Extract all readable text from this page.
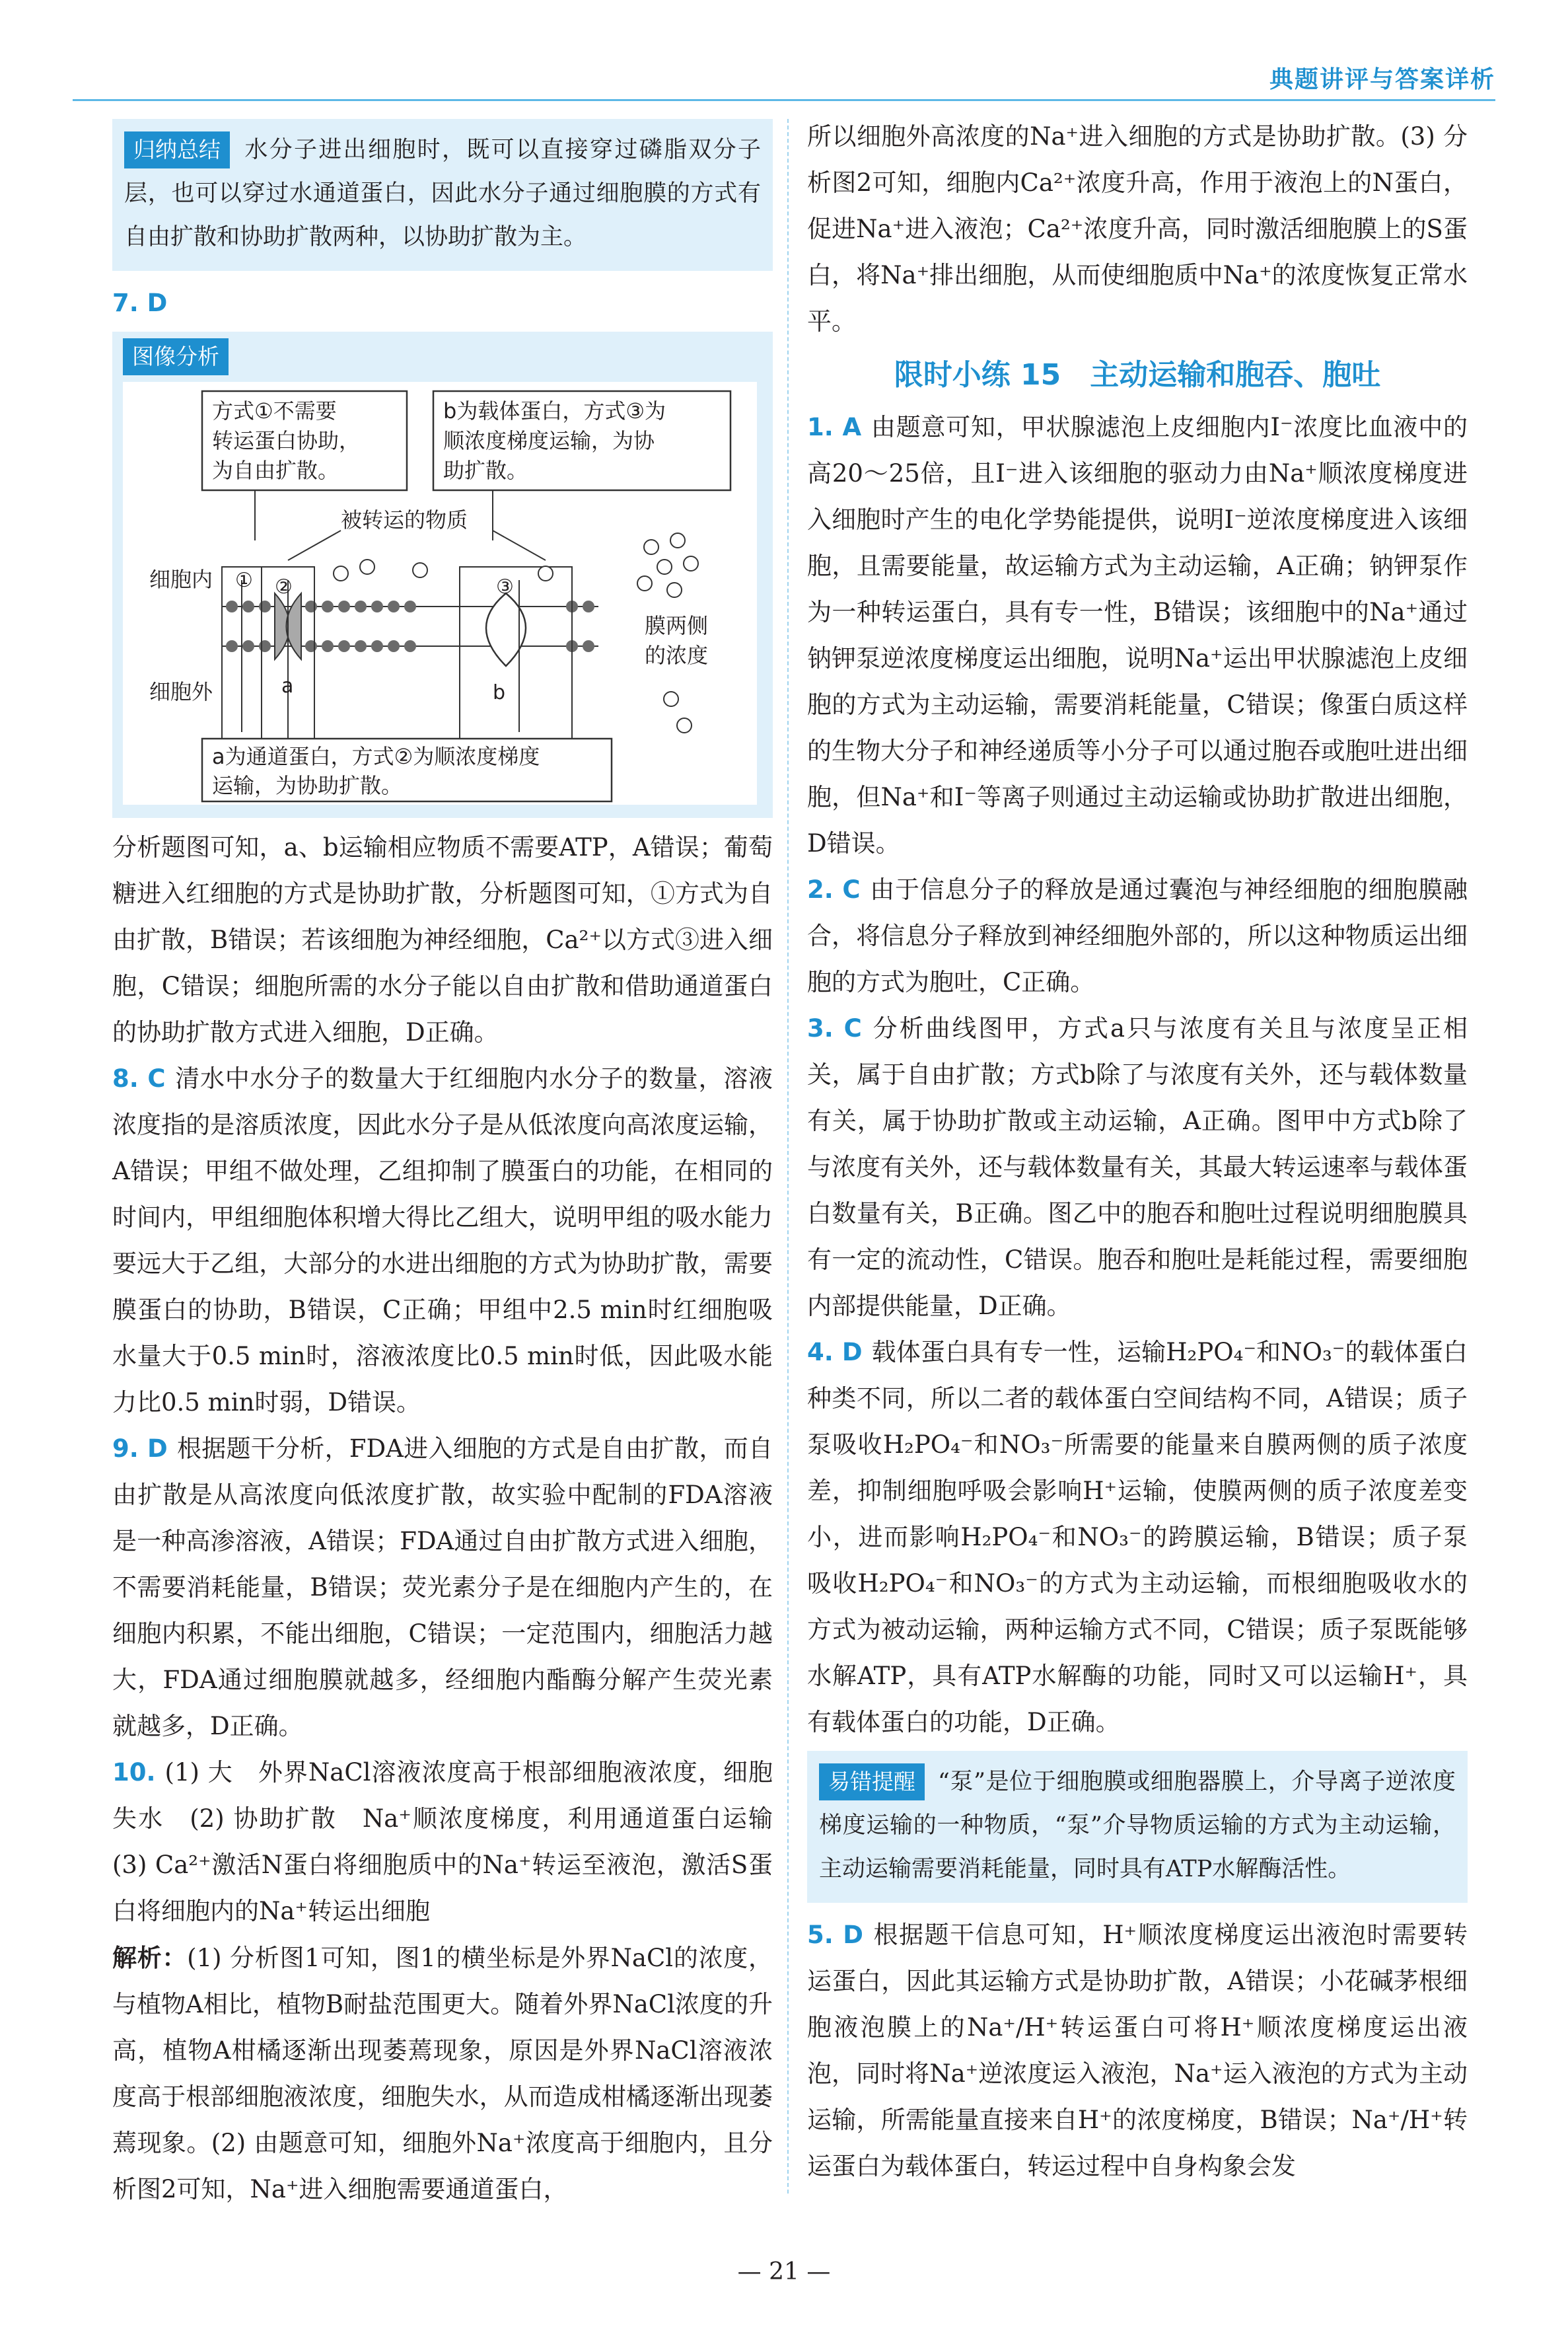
典题讲评与答案详析

归纳总结 水分子进出细胞时，既可以直接穿过磷脂双分子层，也可以穿过水通道蛋白，因此水分子通过细胞膜的方式有自由扩散和协助扩散两种，以协助扩散为主。

7. D

图像分析
方式①不需要
转运蛋白协助，
为自由扩散。
b为载体蛋白，方式③为
顺浓度梯度运输，为协
助扩散。
被转运的物质
细胞内
细胞外
① ②	③
a	b
膜两侧
的浓度
a为通道蛋白，方式②为顺浓度梯度
运输，为协助扩散。

分析题图可知，a、b运输相应物质不需要ATP，A错误；葡萄糖进入红细胞的方式是协助扩散，分析题图可知，①方式为自由扩散，B错误；若该细胞为神经细胞，Ca²⁺以方式③进入细胞，C错误；细胞所需的水分子能以自由扩散和借助通道蛋白的协助扩散方式进入细胞，D正确。

8. C 清水中水分子的数量大于红细胞内水分子的数量，溶液浓度指的是溶质浓度，因此水分子是从低浓度向高浓度运输，A错误；甲组不做处理，乙组抑制了膜蛋白的功能，在相同的时间内，甲组细胞体积增大得比乙组大，说明甲组的吸水能力要远大于乙组，大部分的水进出细胞的方式为协助扩散，需要膜蛋白的协助，B错误，C正确；甲组中2.5 min时红细胞吸水量大于0.5 min时，溶液浓度比0.5 min时低，因此吸水能力比0.5 min时弱，D错误。

9. D 根据题干分析，FDA进入细胞的方式是自由扩散，而自由扩散是从高浓度向低浓度扩散，故实验中配制的FDA溶液是一种高渗溶液，A错误；FDA通过自由扩散方式进入细胞，不需要消耗能量，B错误；荧光素分子是在细胞内产生的，在细胞内积累，不能出细胞，C错误；一定范围内，细胞活力越大，FDA通过细胞膜就越多，经细胞内酯酶分解产生荧光素就越多，D正确。

10. (1) 大　外界NaCl溶液浓度高于根部细胞液浓度，细胞失水　(2) 协助扩散　Na⁺顺浓度梯度，利用通道蛋白运输　(3) Ca²⁺激活N蛋白将细胞质中的Na⁺转运至液泡，激活S蛋白将细胞内的Na⁺转运出细胞

解析：(1) 分析图1可知，图1的横坐标是外界NaCl的浓度，与植物A相比，植物B耐盐范围更大。随着外界NaCl浓度的升高，植物A柑橘逐渐出现萎蔫现象，原因是外界NaCl溶液浓度高于根部细胞液浓度，细胞失水，从而造成柑橘逐渐出现萎蔫现象。(2) 由题意可知，细胞外Na⁺浓度高于细胞内，且分析图2可知，Na⁺进入细胞需要通道蛋白，

所以细胞外高浓度的Na⁺进入细胞的方式是协助扩散。(3) 分析图2可知，细胞内Ca²⁺浓度升高，作用于液泡上的N蛋白，促进Na⁺进入液泡；Ca²⁺浓度升高，同时激活细胞膜上的S蛋白，将Na⁺排出细胞，从而使细胞质中Na⁺的浓度恢复正常水平。

限时小练 15　主动运输和胞吞、胞吐

1. A 由题意可知，甲状腺滤泡上皮细胞内I⁻浓度比血液中的高20～25倍，且I⁻进入该细胞的驱动力由Na⁺顺浓度梯度进入细胞时产生的电化学势能提供，说明I⁻逆浓度梯度进入该细胞，且需要能量，故运输方式为主动运输，A正确；钠钾泵作为一种转运蛋白，具有专一性，B错误；该细胞中的Na⁺通过钠钾泵逆浓度梯度运出细胞，说明Na⁺运出甲状腺滤泡上皮细胞的方式为主动运输，需要消耗能量，C错误；像蛋白质这样的生物大分子和神经递质等小分子可以通过胞吞或胞吐进出细胞，但Na⁺和I⁻等离子则通过主动运输或协助扩散进出细胞，D错误。

2. C 由于信息分子的释放是通过囊泡与神经细胞的细胞膜融合，将信息分子释放到神经细胞外部的，所以这种物质运出细胞的方式为胞吐，C正确。

3. C 分析曲线图甲，方式a只与浓度有关且与浓度呈正相关，属于自由扩散；方式b除了与浓度有关外，还与载体数量有关，属于协助扩散或主动运输，A正确。图甲中方式b除了与浓度有关外，还与载体数量有关，其最大转运速率与载体蛋白数量有关，B正确。图乙中的胞吞和胞吐过程说明细胞膜具有一定的流动性，C错误。胞吞和胞吐是耗能过程，需要细胞内部提供能量，D正确。

4. D 载体蛋白具有专一性，运输H₂PO₄⁻和NO₃⁻的载体蛋白种类不同，所以二者的载体蛋白空间结构不同，A错误；质子泵吸收H₂PO₄⁻和NO₃⁻所需要的能量来自膜两侧的质子浓度差，抑制细胞呼吸会影响H⁺运输，使膜两侧的质子浓度差变小，进而影响H₂PO₄⁻和NO₃⁻的跨膜运输，B错误；质子泵吸收H₂PO₄⁻和NO₃⁻的方式为主动运输，而根细胞吸收水的方式为被动运输，两种运输方式不同，C错误；质子泵既能够水解ATP，具有ATP水解酶的功能，同时又可以运输H⁺，具有载体蛋白的功能，D正确。

易错提醒 “泵”是位于细胞膜或细胞器膜上，介导离子逆浓度梯度运输的一种物质，“泵”介导物质运输的方式为主动运输，主动运输需要消耗能量，同时具有ATP水解酶活性。

5. D 根据题干信息可知，H⁺顺浓度梯度运出液泡时需要转运蛋白，因此其运输方式是协助扩散，A错误；小花碱茅根细胞液泡膜上的Na⁺/H⁺转运蛋白可将H⁺顺浓度梯度运出液泡，同时将Na⁺逆浓度运入液泡，Na⁺运入液泡的方式为主动运输，所需能量直接来自H⁺的浓度梯度，B错误；Na⁺/H⁺转运蛋白为载体蛋白，转运过程中自身构象会发

— 21 —
